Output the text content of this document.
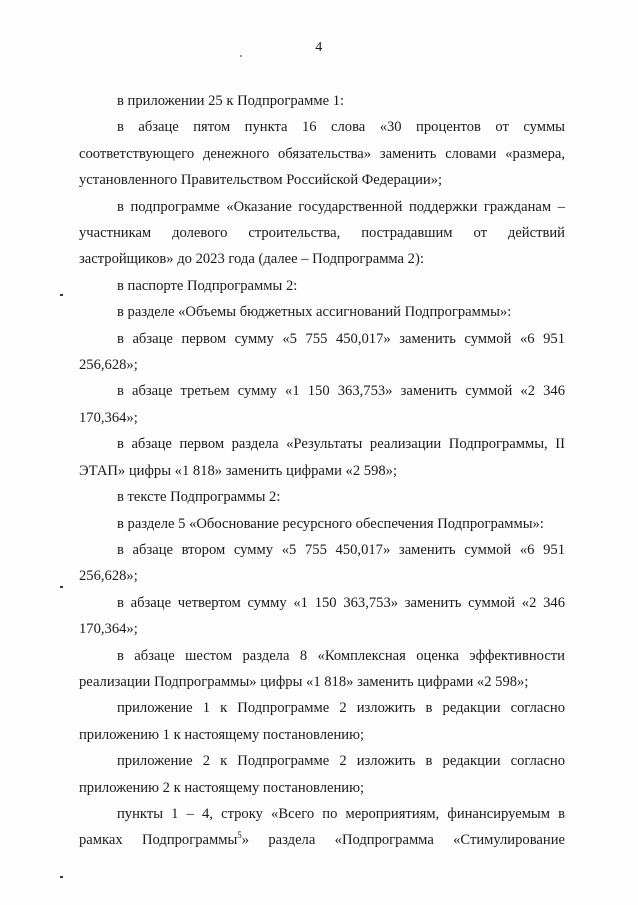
4

в приложении 25 к Подпрограмме 1:

в абзаце пятом пункта 16 слова «30 процентов от суммы соответствующего денежного обязательства» заменить словами «размера, установленного Правительством Российской Федерации»;

в подпрограмме «Оказание государственной поддержки гражданам – участникам долевого строительства, пострадавшим от действий застройщиков» до 2023 года (далее – Подпрограмма 2):

в паспорте Подпрограммы 2:

в разделе «Объемы бюджетных ассигнований Подпрограммы»:

в абзаце первом сумму «5 755 450,017» заменить суммой «6 951 256,628»;

в абзаце третьем сумму «1 150 363,753» заменить суммой «2 346 170,364»;

в абзаце первом раздела «Результаты реализации Подпрограммы, II ЭТАП» цифры «1 818» заменить цифрами «2 598»;

в тексте Подпрограммы 2:

в разделе 5 «Обоснование ресурсного обеспечения Подпрограммы»:

в абзаце втором сумму «5 755 450,017» заменить суммой «6 951 256,628»;

в абзаце четвертом сумму «1 150 363,753» заменить суммой «2 346 170,364»;

в абзаце шестом раздела 8 «Комплексная оценка эффективности реализации Подпрограммы» цифры «1 818» заменить цифрами «2 598»;

приложение 1 к Подпрограмме 2 изложить в редакции согласно приложению 1 к настоящему постановлению;

приложение 2 к Подпрограмме 2 изложить в редакции согласно приложению 2 к настоящему постановлению;

пункты 1 – 4, строку «Всего по мероприятиям, финансируемым в рамках Подпрограммы$^5$» раздела «Подпрограмма «Стимулирование
